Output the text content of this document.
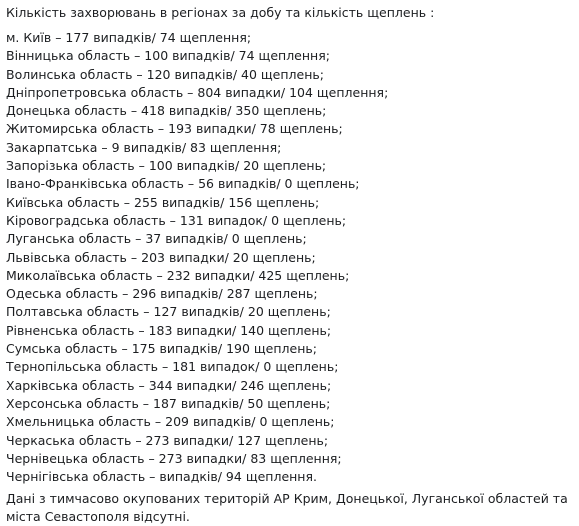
Кількість захворювань в регіонах за добу та кількість щеплень :

м. Київ – 177 випадків/ 74 щеплення;
Вінницька область – 100 випадків/ 74 щеплення;
Волинська область – 120 випадків/ 40 щеплень;
Дніпропетровська область – 804 випадки/ 104 щеплення;
Донецька область – 418 випадків/ 350 щеплень;
Житомирська область – 193 випадки/ 78 щеплень;
Закарпатська – 9 випадків/ 83 щеплення;
Запорізька область – 100 випадків/ 20 щеплень;
Івано-Франківська область – 56 випадків/ 0 щеплень;
Київська область – 255 випадків/ 156 щеплень;
Кіровоградська область – 131 випадок/ 0 щеплень;
Луганська область – 37 випадків/ 0 щеплень;
Львівська область – 203 випадки/ 20 щеплень;
Миколаївська область – 232 випадки/ 425 щеплень;
Одеська область – 296 випадків/ 287 щеплень;
Полтавська область – 127 випадків/ 20 щеплень;
Рівненська область – 183 випадки/ 140 щеплень;
Сумська область – 175 випадків/ 190 щеплень;
Тернопільська область – 181 випадок/ 0 щеплень;
Харківська область – 344 випадки/ 246 щеплень;
Херсонська область – 187 випадків/ 50 щеплень;
Хмельницька область – 209 випадків/ 0 щеплень;
Черкаська область – 273 випадки/ 127 щеплень;
Чернівецька область – 273 випадки/ 83 щеплення;
Чернігівська область – випадків/ 94 щеплення.

Дані з тимчасово окупованих територій АР Крим, Донецької, Луганської областей та міста Севастополя відсутні.
